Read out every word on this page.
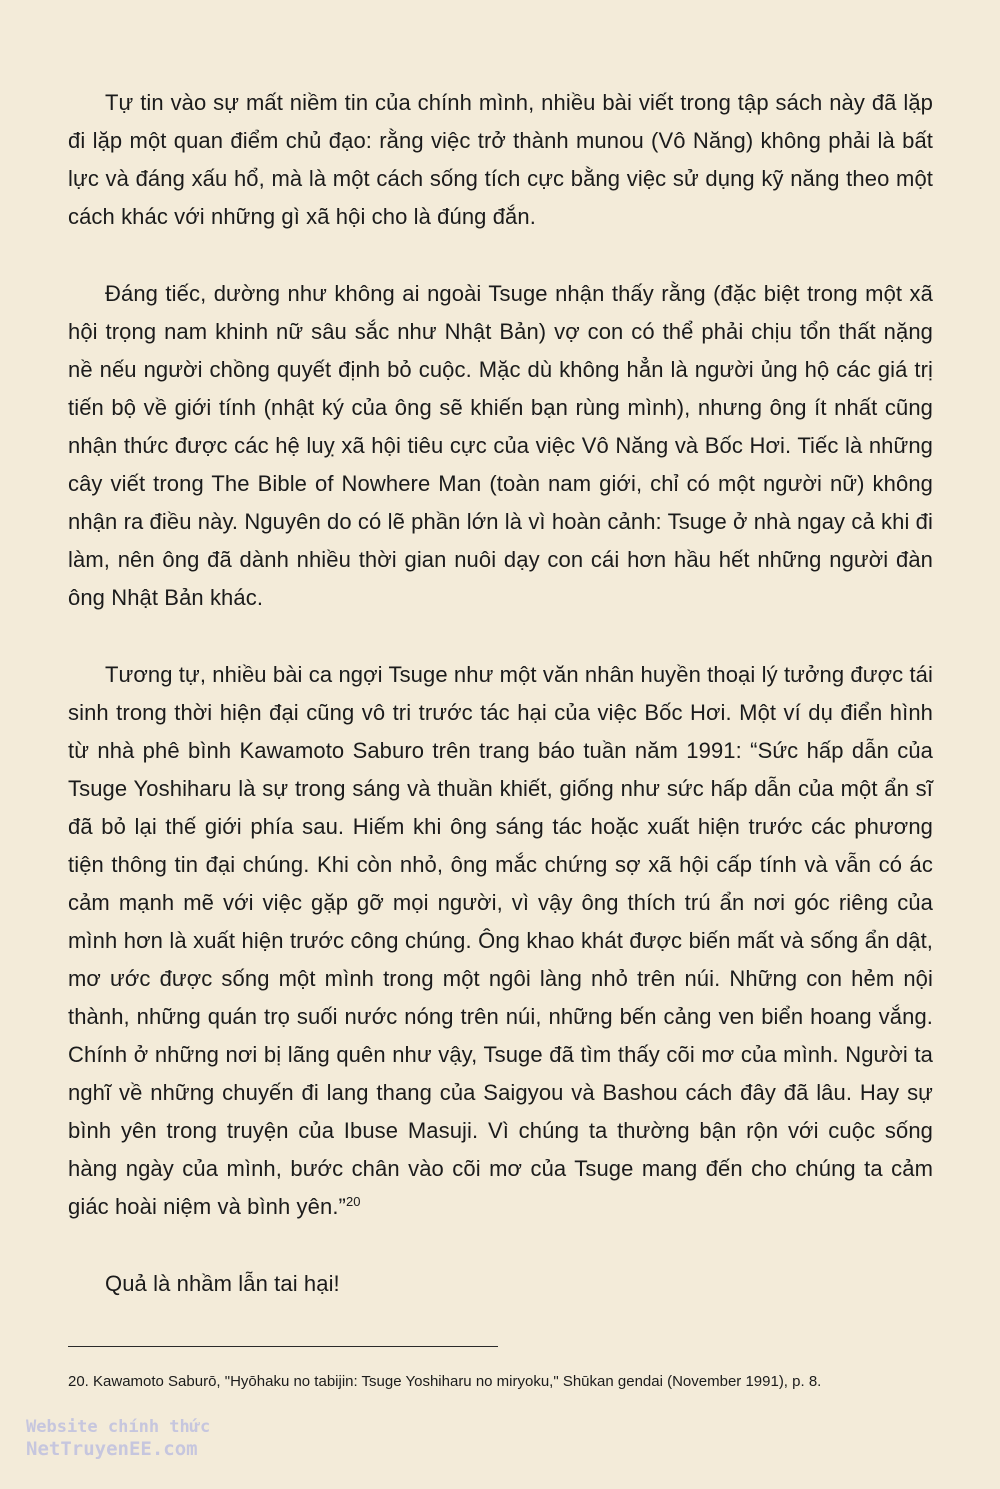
Tự tin vào sự mất niềm tin của chính mình, nhiều bài viết trong tập sách này đã lặp đi lặp một quan điểm chủ đạo: rằng việc trở thành munou (Vô Năng) không phải là bất lực và đáng xấu hổ, mà là một cách sống tích cực bằng việc sử dụng kỹ năng theo một cách khác với những gì xã hội cho là đúng đắn.

Đáng tiếc, dường như không ai ngoài Tsuge nhận thấy rằng (đặc biệt trong một xã hội trọng nam khinh nữ sâu sắc như Nhật Bản) vợ con có thể phải chịu tổn thất nặng nề nếu người chồng quyết định bỏ cuộc. Mặc dù không hẳn là người ủng hộ các giá trị tiến bộ về giới tính (nhật ký của ông sẽ khiến bạn rùng mình), nhưng ông ít nhất cũng nhận thức được các hệ luỵ xã hội tiêu cực của việc Vô Năng và Bốc Hơi. Tiếc là những cây viết trong The Bible of Nowhere Man (toàn nam giới, chỉ có một người nữ) không nhận ra điều này. Nguyên do có lẽ phần lớn là vì hoàn cảnh: Tsuge ở nhà ngay cả khi đi làm, nên ông đã dành nhiều thời gian nuôi dạy con cái hơn hầu hết những người đàn ông Nhật Bản khác.

Tương tự, nhiều bài ca ngợi Tsuge như một văn nhân huyền thoại lý tưởng được tái sinh trong thời hiện đại cũng vô tri trước tác hại của việc Bốc Hơi. Một ví dụ điển hình từ nhà phê bình Kawamoto Saburo trên trang báo tuần năm 1991: “Sức hấp dẫn của Tsuge Yoshiharu là sự trong sáng và thuần khiết, giống như sức hấp dẫn của một ẩn sĩ đã bỏ lại thế giới phía sau. Hiếm khi ông sáng tác hoặc xuất hiện trước các phương tiện thông tin đại chúng. Khi còn nhỏ, ông mắc chứng sợ xã hội cấp tính và vẫn có ác cảm mạnh mẽ với việc gặp gỡ mọi người, vì vậy ông thích trú ẩn nơi góc riêng của mình hơn là xuất hiện trước công chúng. Ông khao khát được biến mất và sống ẩn dật, mơ ước được sống một mình trong một ngôi làng nhỏ trên núi. Những con hẻm nội thành, những quán trọ suối nước nóng trên núi, những bến cảng ven biển hoang vắng. Chính ở những nơi bị lãng quên như vậy, Tsuge đã tìm thấy cõi mơ của mình. Người ta nghĩ về những chuyến đi lang thang của Saigyou và Bashou cách đây đã lâu. Hay sự bình yên trong truyện của Ibuse Masuji. Vì chúng ta thường bận rộn với cuộc sống hàng ngày của mình, bước chân vào cõi mơ của Tsuge mang đến cho chúng ta cảm giác hoài niệm và bình yên.”$^{20}$

Quả là nhầm lẫn tai hại!

20. Kawamoto Saburō, "Hyōhaku no tabijin: Tsuge Yoshiharu no miryoku," Shūkan gendai (November 1991), p. 8.
Website chính thức
NetTruyenEE.com
